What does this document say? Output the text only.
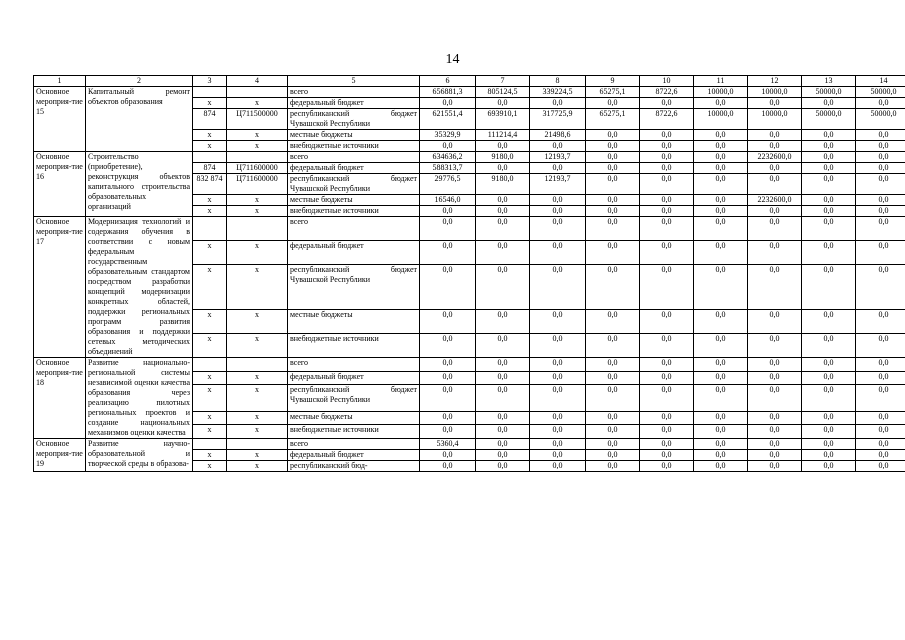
14
1	2	3	4	5	6	7	8	9	10	11	12	13	14
Основное мероприя-тие 15	Капитальный ремонт объектов образования			всего	656881,3	805124,5	339224,5	65275,1	8722,6	10000,0	10000,0	50000,0	50000,0
		х	х	федеральный бюджет	0,0	0,0	0,0	0,0	0,0	0,0	0,0	0,0	0,0
		874	Ц711500000	республиканский бюджет Чувашской Республики	621551,4	693910,1	317725,9	65275,1	8722,6	10000,0	10000,0	50000,0	50000,0
		х	х	местные бюджеты	35329,9	111214,4	21498,6	0,0	0,0	0,0	0,0	0,0	0,0
		х	х	внебюджетные источники	0,0	0,0	0,0	0,0	0,0	0,0	0,0	0,0	0,0
Основное мероприя-тие 16	Строительство (приобретение), реконструкция объектов капитального строительства образовательных организаций			всего	634636,2	9180,0	12193,7	0,0	0,0	0,0	2232600,0	0,0	0,0
		874	Ц711600000	федеральный бюджет	588313,7	0,0	0,0	0,0	0,0	0,0	0,0	0,0	0,0
		832 874	Ц711600000	республиканский бюджет Чувашской Республики	29776,5	9180,0	12193,7	0,0	0,0	0,0	0,0	0,0	0,0
		х	х	местные бюджеты	16546,0	0,0	0,0	0,0	0,0	0,0	2232600,0	0,0	0,0
		х	х	внебюджетные источники	0,0	0,0	0,0	0,0	0,0	0,0	0,0	0,0	0,0
Основное мероприя-тие 17	Модернизация технологий и содержания обучения в соответствии с новым федеральным государственным образовательным стандартом посредством разработки концепций модернизации конкретных областей, поддержки региональных программ развития образования и поддержки сетевых методических объединений			всего	0,0	0,0	0,0	0,0	0,0	0,0	0,0	0,0	0,0
		х	х	федеральный бюджет	0,0	0,0	0,0	0,0	0,0	0,0	0,0	0,0	0,0
		х	х	республиканский бюджет Чувашской Республики	0,0	0,0	0,0	0,0	0,0	0,0	0,0	0,0	0,0
		х	х	местные бюджеты	0,0	0,0	0,0	0,0	0,0	0,0	0,0	0,0	0,0
		х	х	внебюджетные источники	0,0	0,0	0,0	0,0	0,0	0,0	0,0	0,0	0,0
Основное мероприя-тие 18	Развитие национально-региональной системы независимой оценки качества образования через реализацию пилотных региональных проектов и создание национальных механизмов оценки качества			всего	0,0	0,0	0,0	0,0	0,0	0,0	0,0	0,0	0,0
		х	х	федеральный бюджет	0,0	0,0	0,0	0,0	0,0	0,0	0,0	0,0	0,0
		х	х	республиканский бюджет Чувашской Республики	0,0	0,0	0,0	0,0	0,0	0,0	0,0	0,0	0,0
		х	х	местные бюджеты	0,0	0,0	0,0	0,0	0,0	0,0	0,0	0,0	0,0
		х	х	внебюджетные источники	0,0	0,0	0,0	0,0	0,0	0,0	0,0	0,0	0,0
Основное мероприя-тие 19	Развитие научно-образовательной и творческой среды в образова-			всего	5360,4	0,0	0,0	0,0	0,0	0,0	0,0	0,0	0,0
		х	х	федеральный бюджет	0,0	0,0	0,0	0,0	0,0	0,0	0,0	0,0	0,0
		х	х	республиканский бюд-	0,0	0,0	0,0	0,0	0,0	0,0	0,0	0,0	0,0
